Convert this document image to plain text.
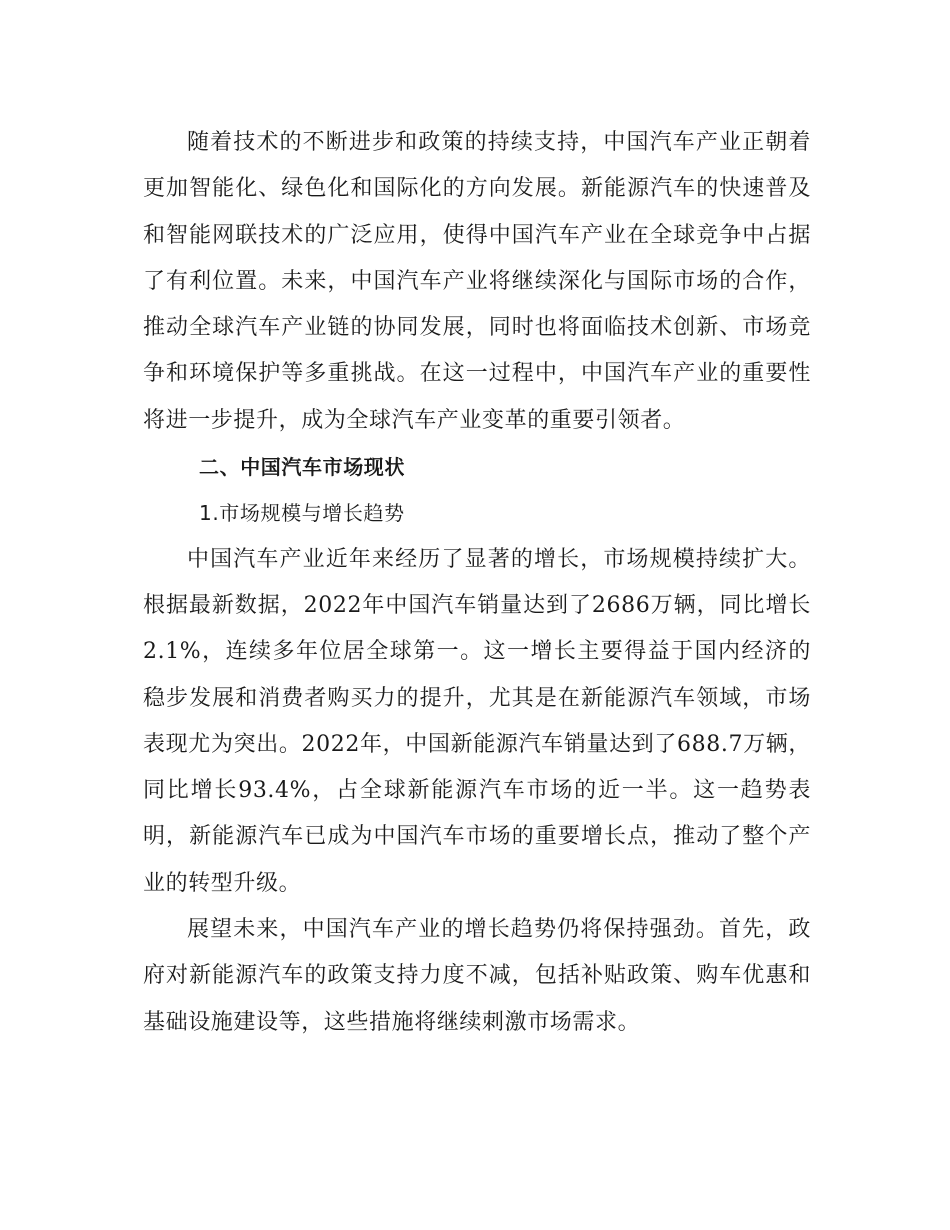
随着技术的不断进步和政策的持续支持，中国汽车产业正朝着更加智能化、绿色化和国际化的方向发展。新能源汽车的快速普及和智能网联技术的广泛应用，使得中国汽车产业在全球竞争中占据了有利位置。未来，中国汽车产业将继续深化与国际市场的合作，推动全球汽车产业链的协同发展，同时也将面临技术创新、市场竞争和环境保护等多重挑战。在这一过程中，中国汽车产业的重要性将进一步提升，成为全球汽车产业变革的重要引领者。

二、中国汽车市场现状

1.市场规模与增长趋势

中国汽车产业近年来经历了显著的增长，市场规模持续扩大。根据最新数据，2022年中国汽车销量达到了2686万辆，同比增长2.1%，连续多年位居全球第一。这一增长主要得益于国内经济的稳步发展和消费者购买力的提升，尤其是在新能源汽车领域，市场表现尤为突出。2022年，中国新能源汽车销量达到了688.7万辆，同比增长93.4%，占全球新能源汽车市场的近一半。这一趋势表明，新能源汽车已成为中国汽车市场的重要增长点，推动了整个产业的转型升级。

展望未来，中国汽车产业的增长趋势仍将保持强劲。首先，政府对新能源汽车的政策支持力度不减，包括补贴政策、购车优惠和基础设施建设等，这些措施将继续刺激市场需求。
